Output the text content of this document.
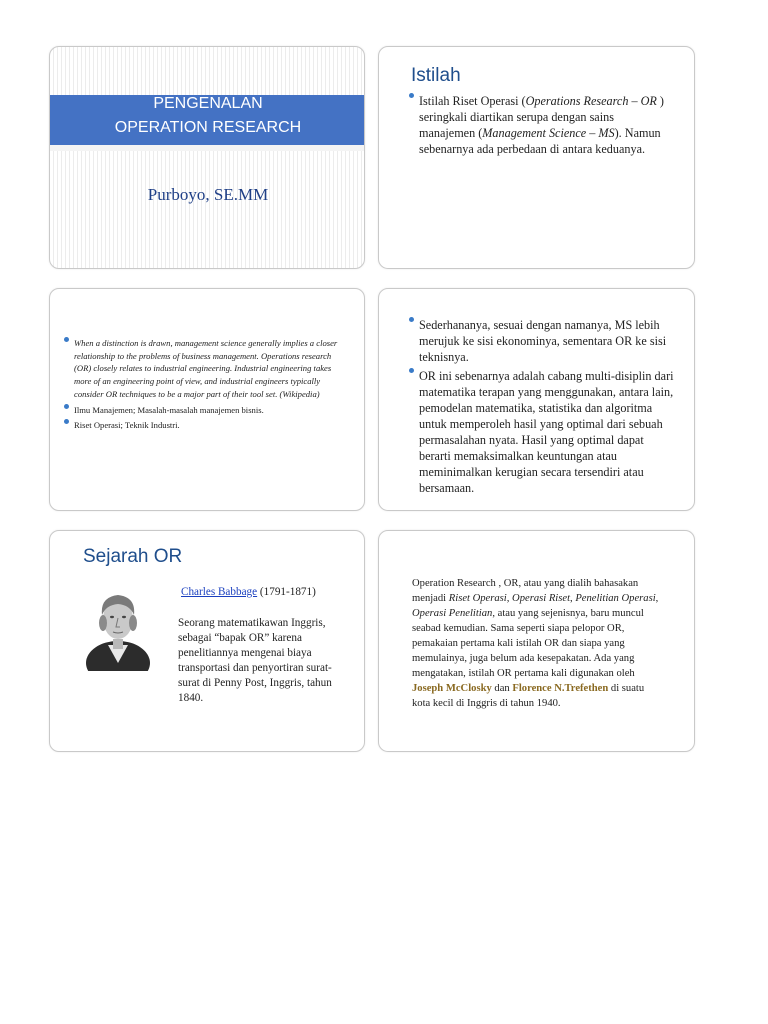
PENGENALAN
OPERATION RESEARCH
Purboyo, SE.MM
Istilah
Istilah Riset Operasi (Operations Research – OR ) seringkali diartikan serupa dengan sains manajemen (Management Science – MS). Namun sebenarnya ada perbedaan di antara keduanya.
When a distinction is drawn, management science generally implies a closer relationship to the problems of business management. Operations research (OR) closely relates to industrial engineering. Industrial engineering takes more of an engineering point of view, and industrial engineers typically consider OR techniques to be a major part of their tool set. (Wikipedia)
Ilmu Manajemen; Masalah-masalah manajemen bisnis.
Riset Operasi; Teknik Industri.
Sederhananya, sesuai dengan namanya, MS lebih merujuk ke sisi ekonominya, sementara OR ke sisi teknisnya.
OR ini sebenarnya adalah cabang multi-disiplin dari matematika terapan yang menggunakan, antara lain, pemodelan matematika, statistika dan algoritma untuk memperoleh hasil yang optimal dari sebuah permasalahan nyata. Hasil yang optimal dapat berarti memaksimalkan keuntungan atau meminimalkan kerugian secara tersendiri atau bersamaan.
Sejarah OR
Charles Babbage (1791-1871)
Seorang matematikawan Inggris, sebagai “bapak OR” karena penelitiannya mengenai biaya transportasi dan penyortiran surat-surat di Penny Post, Inggris, tahun 1840.
Operation Research , OR, atau yang dialih bahasakan menjadi Riset Operasi, Operasi Riset, Penelitian Operasi, Operasi Penelitian, atau yang sejenisnya, baru muncul seabad kemudian. Sama seperti siapa pelopor OR, pemakaian pertama kali istilah OR dan siapa yang memulainya, juga belum ada kesepakatan. Ada yang mengatakan, istilah OR pertama kali digunakan oleh Joseph McClosky dan Florence N.Trefethen di suatu kota kecil di Inggris di tahun 1940.
